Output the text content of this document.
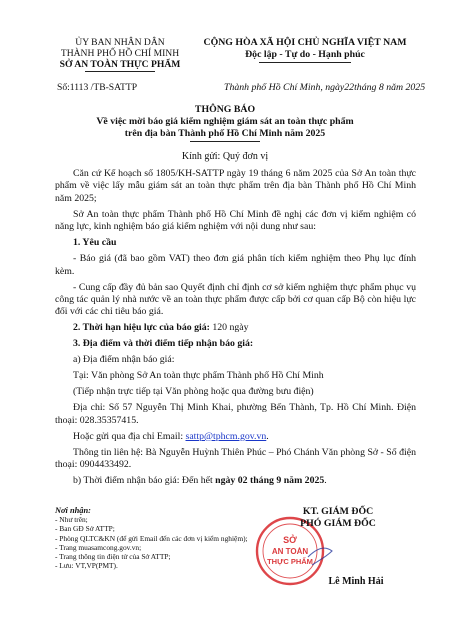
ỦY BAN NHÂN DÂN
THÀNH PHỐ HỒ CHÍ MINH
SỞ AN TOÀN THỰC PHẨM
CỘNG HÒA XÃ HỘI CHỦ NGHĨA VIỆT NAM
Độc lập - Tự do - Hạnh phúc
Số:1113 /TB-SATTP	Thành phố Hồ Chí Minh, ngày22tháng 8 năm 2025
THÔNG BÁO
Về việc mời báo giá kiểm nghiệm giám sát an toàn thực phẩm
trên địa bàn Thành phố Hồ Chí Minh năm 2025
Kính gửi: Quý đơn vị

Căn cứ Kế hoạch số 1805/KH-SATTP ngày 19 tháng 6 năm 2025 của Sở An toàn thực phẩm về việc lấy mẫu giám sát an toàn thực phẩm trên địa bàn Thành phố Hồ Chí Minh năm 2025;

Sở An toàn thực phẩm Thành phố Hồ Chí Minh đề nghị các đơn vị kiểm nghiệm có năng lực, kinh nghiệm báo giá kiểm nghiệm với nội dung như sau:

1. Yêu cầu

- Báo giá (đã bao gồm VAT) theo đơn giá phân tích kiểm nghiệm theo Phụ lục đính kèm.

- Cung cấp đầy đủ bản sao Quyết định chỉ định cơ sở kiểm nghiệm thực phẩm phục vụ công tác quản lý nhà nước về an toàn thực phẩm được cấp bởi cơ quan cấp Bộ còn hiệu lực đối với các chỉ tiêu báo giá.

2. Thời hạn hiệu lực của báo giá: 120 ngày

3. Địa điểm và thời điểm tiếp nhận báo giá:

a) Địa điểm nhận báo giá:

Tại: Văn phòng Sở An toàn thực phẩm Thành phố Hồ Chí Minh

(Tiếp nhận trực tiếp tại Văn phòng hoặc qua đường bưu điện)

Địa chỉ: Số 57 Nguyễn Thị Minh Khai, phường Bến Thành, Tp. Hồ Chí Minh. Điện thoại: 028.35357415.

Hoặc gửi qua địa chỉ Email: sattp@tphcm.gov.vn.

Thông tin liên hệ: Bà Nguyễn Huỳnh Thiên Phúc – Phó Chánh Văn phòng Sở - Số điện thoại: 0904433492.

b) Thời điểm nhận báo giá: Đến hết ngày 02 tháng 9 năm 2025.

Nơi nhận:
- Như trên;
- Ban GĐ Sở ATTP;
- Phòng QLTC&KN (để gửi Email đến các đơn vị kiểm nghiệm);
- Trang muasamcong.gov.vn;
- Trang thông tin điện tử của Sở ATTP;
- Lưu: VT,VP(PMT).
SỞ
AN TOÀN
THỰC PHẨM
KT. GIÁM ĐỐC
PHÓ GIÁM ĐỐC
Lê Minh Hải
